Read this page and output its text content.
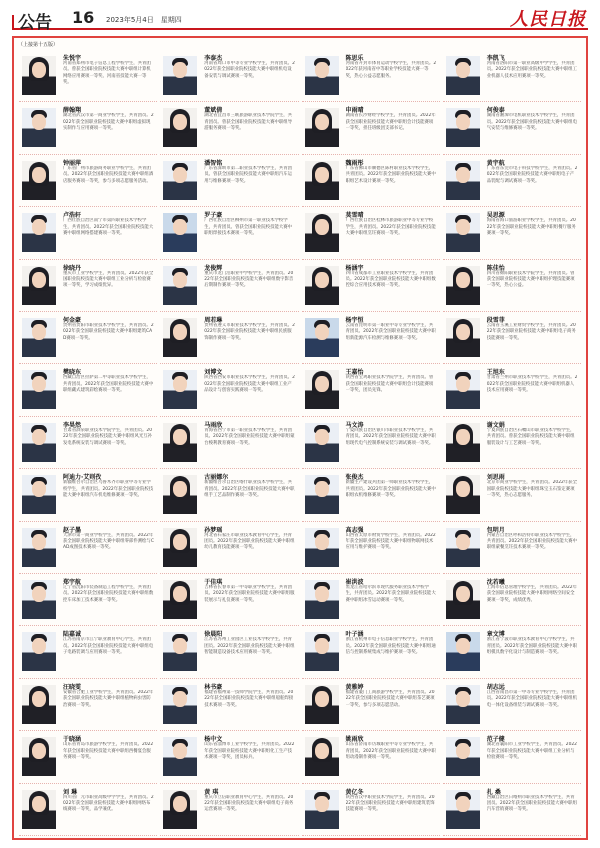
公告 16 2023年5月4日　星期四	人民日报
（上接第十五版）
朱悦宇
河南省郑州市电子信息工程学校学生，共青团员。曾获全国职业院校技能大赛中职组计算机网络应用赛项一等奖、河南省技能大赛一等奖。
李泰杰
河南省周口市中等专业学校学生，共青团员。2022年获全国职业院校技能大赛中职组机电设备安装与调试赛项一等奖。
陈思乐
河南省开封市体育运动学校学生，共青团员。2022年获河南省中等职业学校技能大赛一等奖，热心公益志愿服务。
李凯飞
河南省洛阳市第一职业高级中学学生，共青团员。2022年获全国职业院校技能大赛中职组工业机器人技术应用赛项一等奖。
薛翰翔
湖北省武汉市第一商业学校学生，共青团员。2022年获全国职业院校技能大赛中职组虚拟现实制作与应用赛项一等奖。
董斌倩
湖北省宜昌市三峡旅游职业技术学院学生，共青团员。曾获全国职业院校技能大赛中职组导游服务赛项一等奖。
申雨晴
湖南省长沙财经学校学生，共青团员。2022年获全国职业院校技能大赛中职组会计技能赛项一等奖，担任班级团支部书记。
何俊泰
湖南省湘潭市电机职业技术学校学生，共青团员。2022年获全国职业院校技能大赛中职组电气安装与维修赛项一等奖。
钟丽萍
广东省广州市旅游商务职业学校学生，共青团员。2022年获全国职业院校技能大赛中职组酒店服务赛项一等奖，参与多项志愿服务活动。
潘智铭
广东省深圳市第二职业技术学校学生，共青团员。曾获全国职业院校技能大赛中职组汽车运用与维修赛项一等奖。
魏雨彤
广东省佛山市顺德区陈村职业技术学校学生，共青团员。2022年获全国职业院校技能大赛中职组艺术设计赛项一等奖。
黄宇航
广东省东莞市电子科技学校学生，共青团员。2022年获全国职业院校技能大赛中职组电子产品装配与调试赛项一等奖。
卢浩轩
广西壮族自治区南宁市第四职业技术学校学生，共青团员。2022年获全国职业院校技能大赛中职组网络搭建赛项一等奖。
罗子豪
广西壮族自治区柳州市第一职业技术学校学生，共青团员。曾获全国职业院校技能大赛中职组焊接技术赛项一等奖。
莫雪晴
广西壮族自治区桂林市旅游职业中等专业学校学生，共青团员。2022年获全国职业院校技能大赛中职组烹饪赛项一等奖。
吴思源
海南省海口旅游职业学校学生，共青团员。2022年获全国职业院校技能大赛中职组餐厅服务赛项一等奖。
徐晓丹
重庆市工业学校学生，共青团员。2022年获全国职业院校技能大赛中职组工业分析与检验赛项一等奖，学习成绩优异。
龙俊辉
重庆市龙门浩职业中学校学生，共青团员。2022年获全国职业院校技能大赛中职组数字影音后期制作赛项一等奖。
杨涵宇
四川省成都市工业职业技术学校学生，共青团员。2022年获全国职业院校技能大赛中职组数控综合应用技术赛项一等奖。
陈佳怡
四川省绵阳职业技术学院学生，共青团员。曾获全国职业院校技能大赛中职组护理技能赛项一等奖，热心公益。
何金豪
贵州省贵阳市职业技术学校学生，共青团员。2022年获全国职业院校技能大赛中职组建筑CAD赛项一等奖。
周若琳
贵州省遵义市职业技术学校学生，共青团员。2022年获全国职业院校技能大赛中职组民族服饰制作赛项一等奖。
杨宇恒
云南省昆明市第一职业中等专业学校学生，共青团员。2022年获全国职业院校技能大赛中职组新能源汽车检测与维修赛项一等奖。
段雪菲
云南省玉溪工业财贸学校学生，共青团员。2022年获全国职业院校技能大赛中职组电子商务技能赛项一等奖。
樊晓东
西藏自治区拉萨第二中等职业技术学校学生，共青团员。2022年获全国职业院校技能大赛中职组藏式建筑彩绘赛项一等奖。
刘博文
陕西省西安市职业技术学校学生，共青团员。2022年获全国职业院校技能大赛中职组工业产品设计与创客实践赛项一等奖。
王嘉怡
陕西省宝鸡职业技术学院学生，共青团员。曾获全国职业院校技能大赛中职组会计技能赛项一等奖，团员先锋。
王旭东
甘肃省兰州市职业技术学校学生，共青团员。2022年获全国职业院校技能大赛中职组机器人技术应用赛项一等奖。
李昊然
甘肃省酒泉职业技术学院学生，共青团员。2022年获全国职业院校技能大赛中职组风光互补发电系统安装与调试赛项一等奖。
马雨欣
青海省西宁市第一职业技术学校学生，共青团员。2022年获全国职业院校技能大赛中职组蒙台梭利教育赛项一等奖。
马文涛
宁夏回族自治区银川市职业技术学校学生，共青团员。2022年获全国职业院校技能大赛中职组现代电气控制系统安装与调试赛项一等奖。
谢文娟
宁夏回族自治区石嘴山市职业技术学校学生，共青团员。曾获全国职业院校技能大赛中职组服装设计与工艺赛项一等奖。
阿迪力·艾则孜
新疆维吾尔自治区乌鲁木齐市职业中等专业学校学生，共青团员。2022年获全国职业院校技能大赛中职组汽车机电维修赛项一等奖。
古丽娜尔
新疆维吾尔自治区喀什职业技术学校学生，共青团员。2022年获全国职业院校技能大赛中职组手工艺品制作赛项一等奖。
张俊杰
新疆生产建设兵团第一师职业技术学校学生，共青团员。2022年获全国职业院校技能大赛中职组农机维修赛项一等奖。
刘思雨
北京市商业学校学生，共青团员。2022年获全国职业院校技能大赛中职组珠宝玉石鉴定赛项一等奖，热心志愿服务。
赵子墨
天津市第一商业学校学生，共青团员。2022年获全国职业院校技能大赛中职组零部件测绘与CAD成图技术赛项一等奖。
孙梦瑶
河北省石家庄市职业技术教育中心学生，共青团员。2022年获全国职业院校技能大赛中职组幼儿教育技能赛项一等奖。
高志强
山西省太原市财贸学校学生，共青团员。2022年获全国职业院校技能大赛中职组物联网技术应用与维护赛项一等奖。
包明月
内蒙古自治区呼和浩特市职业技术学校学生，共青团员。2022年获全国职业院校技能大赛中职组蒙餐烹饪技术赛项一等奖。
郑宇航
辽宁省沈阳市装备制造工程学校学生，共青团员。2022年获全国职业院校技能大赛中职组数控车床加工技术赛项一等奖。
于佳琪
吉林省长春市第一中等职业学校学生，共青团员。2022年获全国职业院校技能大赛中职组服装展示与礼仪赛项一等奖。
崔洪波
黑龙江省哈尔滨市现代服务职业技术学校学生，共青团员。2022年获全国职业院校技能大赛中职组冰雪运动赛项一等奖。
沈若曦
上海市信息管理学校学生，共青团员。2022年获全国职业院校技能大赛中职组网络空间安全赛项一等奖，成绩优秀。
陆嘉诚
江苏省南京市江宁职业教育中心学生，共青团员。2022年获全国职业院校技能大赛中职组电子电路装调与应用赛项一等奖。
徐晨阳
江苏省苏州工业园区工业技术学校学生，共青团员。2022年获全国职业院校技能大赛中职组智能制造设备技术应用赛项一等奖。
叶子涵
浙江省杭州市电子信息职业学校学生，共青团员。2022年获全国职业院校技能大赛中职组通信与控制系统集成与维护赛项一等奖。
章文博
浙江省宁波市职业技术教育中心学校学生，共青团员。2022年获全国职业院校技能大赛中职组模具数字化设计与制造赛项一等奖。
汪晓雯
安徽省合肥工业学校学生，共青团员。2022年获全国职业院校技能大赛中职组植物病虫害防治赛项一等奖。
林书豪
福建省福州第一技师学院学生，共青团员。2022年获全国职业院校技能大赛中职组船舶焊接技术赛项一等奖。
黄雅婷
福建省厦门工商旅游学校学生，共青团员。2022年获全国职业院校技能大赛中职组茶艺赛项一等奖，参与多项志愿活动。
胡志远
江西省南昌市第一中等专业学校学生，共青团员。2022年获全国职业院校技能大赛中职组机电一体化设备组装与调试赛项一等奖。
于晓涵
山东省青岛市旅游学校学生，共青团员。2022年获全国职业院校技能大赛中职组西餐宴会服务赛项一等奖。
杨中文
山东省淄博市工业学校学生，共青团员。2022年获全国职业院校技能大赛中职组化工生产技术赛项一等奖，团员标兵。
姚雨欣
山东省济南市历城职业中等专业学校学生，共青团员。2022年获全国职业院校技能大赛中职组动漫制作赛项一等奖。
范子健
湖北省襄阳市工业学校学生，共青团员。2022年获全国职业院校技能大赛中职组工业分析与检验赛项一等奖。
刘 琳
四川省广元市职业高级中学学生，共青团员。2022年获全国职业院校技能大赛中职组网络布线赛项一等奖，品学兼优。
黄 琪
重庆市立信职业教育中心学生，共青团员。2022年获全国职业院校技能大赛中职组电子商务运营赛项一等奖。
黄亿冬
陕西省汉中职业技术学院学生，共青团员。2022年获全国职业院校技能大赛中职组建筑装饰技能赛项一等奖。
扎 桑
西藏自治区日喀则市职业技术学校学生，共青团员。2022年获全国职业院校技能大赛中职组汽车营销赛项一等奖。
